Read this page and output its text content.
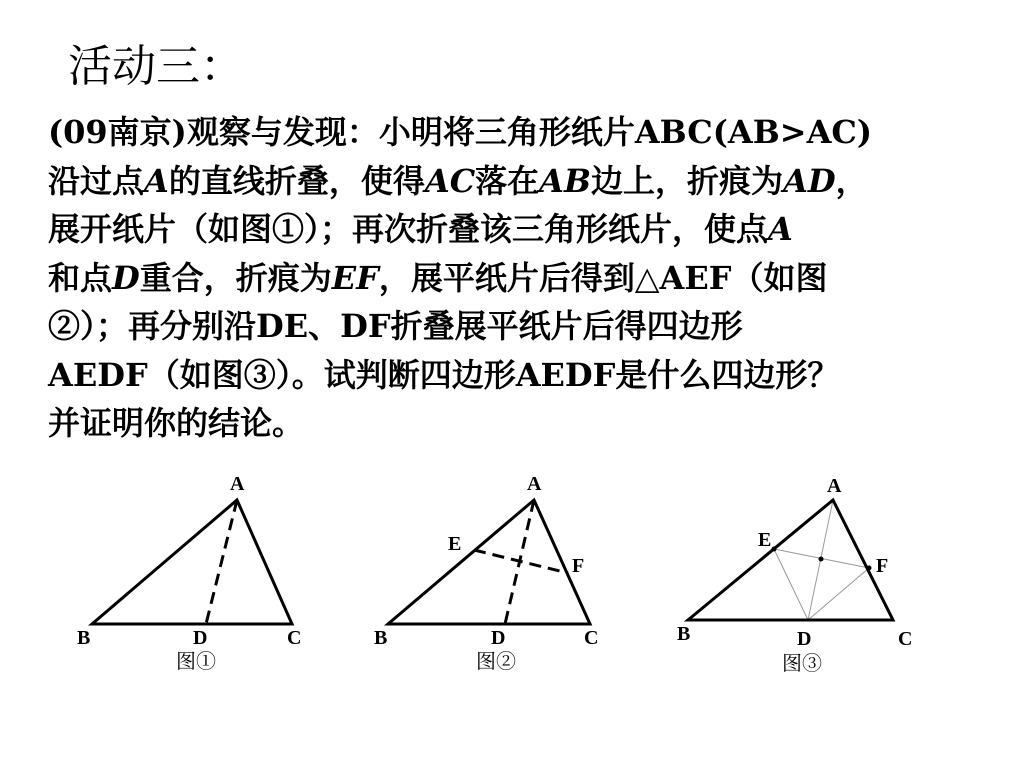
活动三：
(09南京)观察与发现：小明将三角形纸片ABC(AB>AC)
沿过点A的直线折叠，使得AC落在AB边上，折痕为AD，
展开纸片（如图①）；再次折叠该三角形纸片，使点A
和点D重合，折痕为EF，展平纸片后得到△AEF（如图
②）；再分别沿DE、DF折叠展平纸片后得四边形
AEDF（如图③）。试判断四边形AEDF是什么四边形？
并证明你的结论。
A
B	D	C
图①
A
E
F
B	D	C
图②
A
E
F
B	D	C
图③
